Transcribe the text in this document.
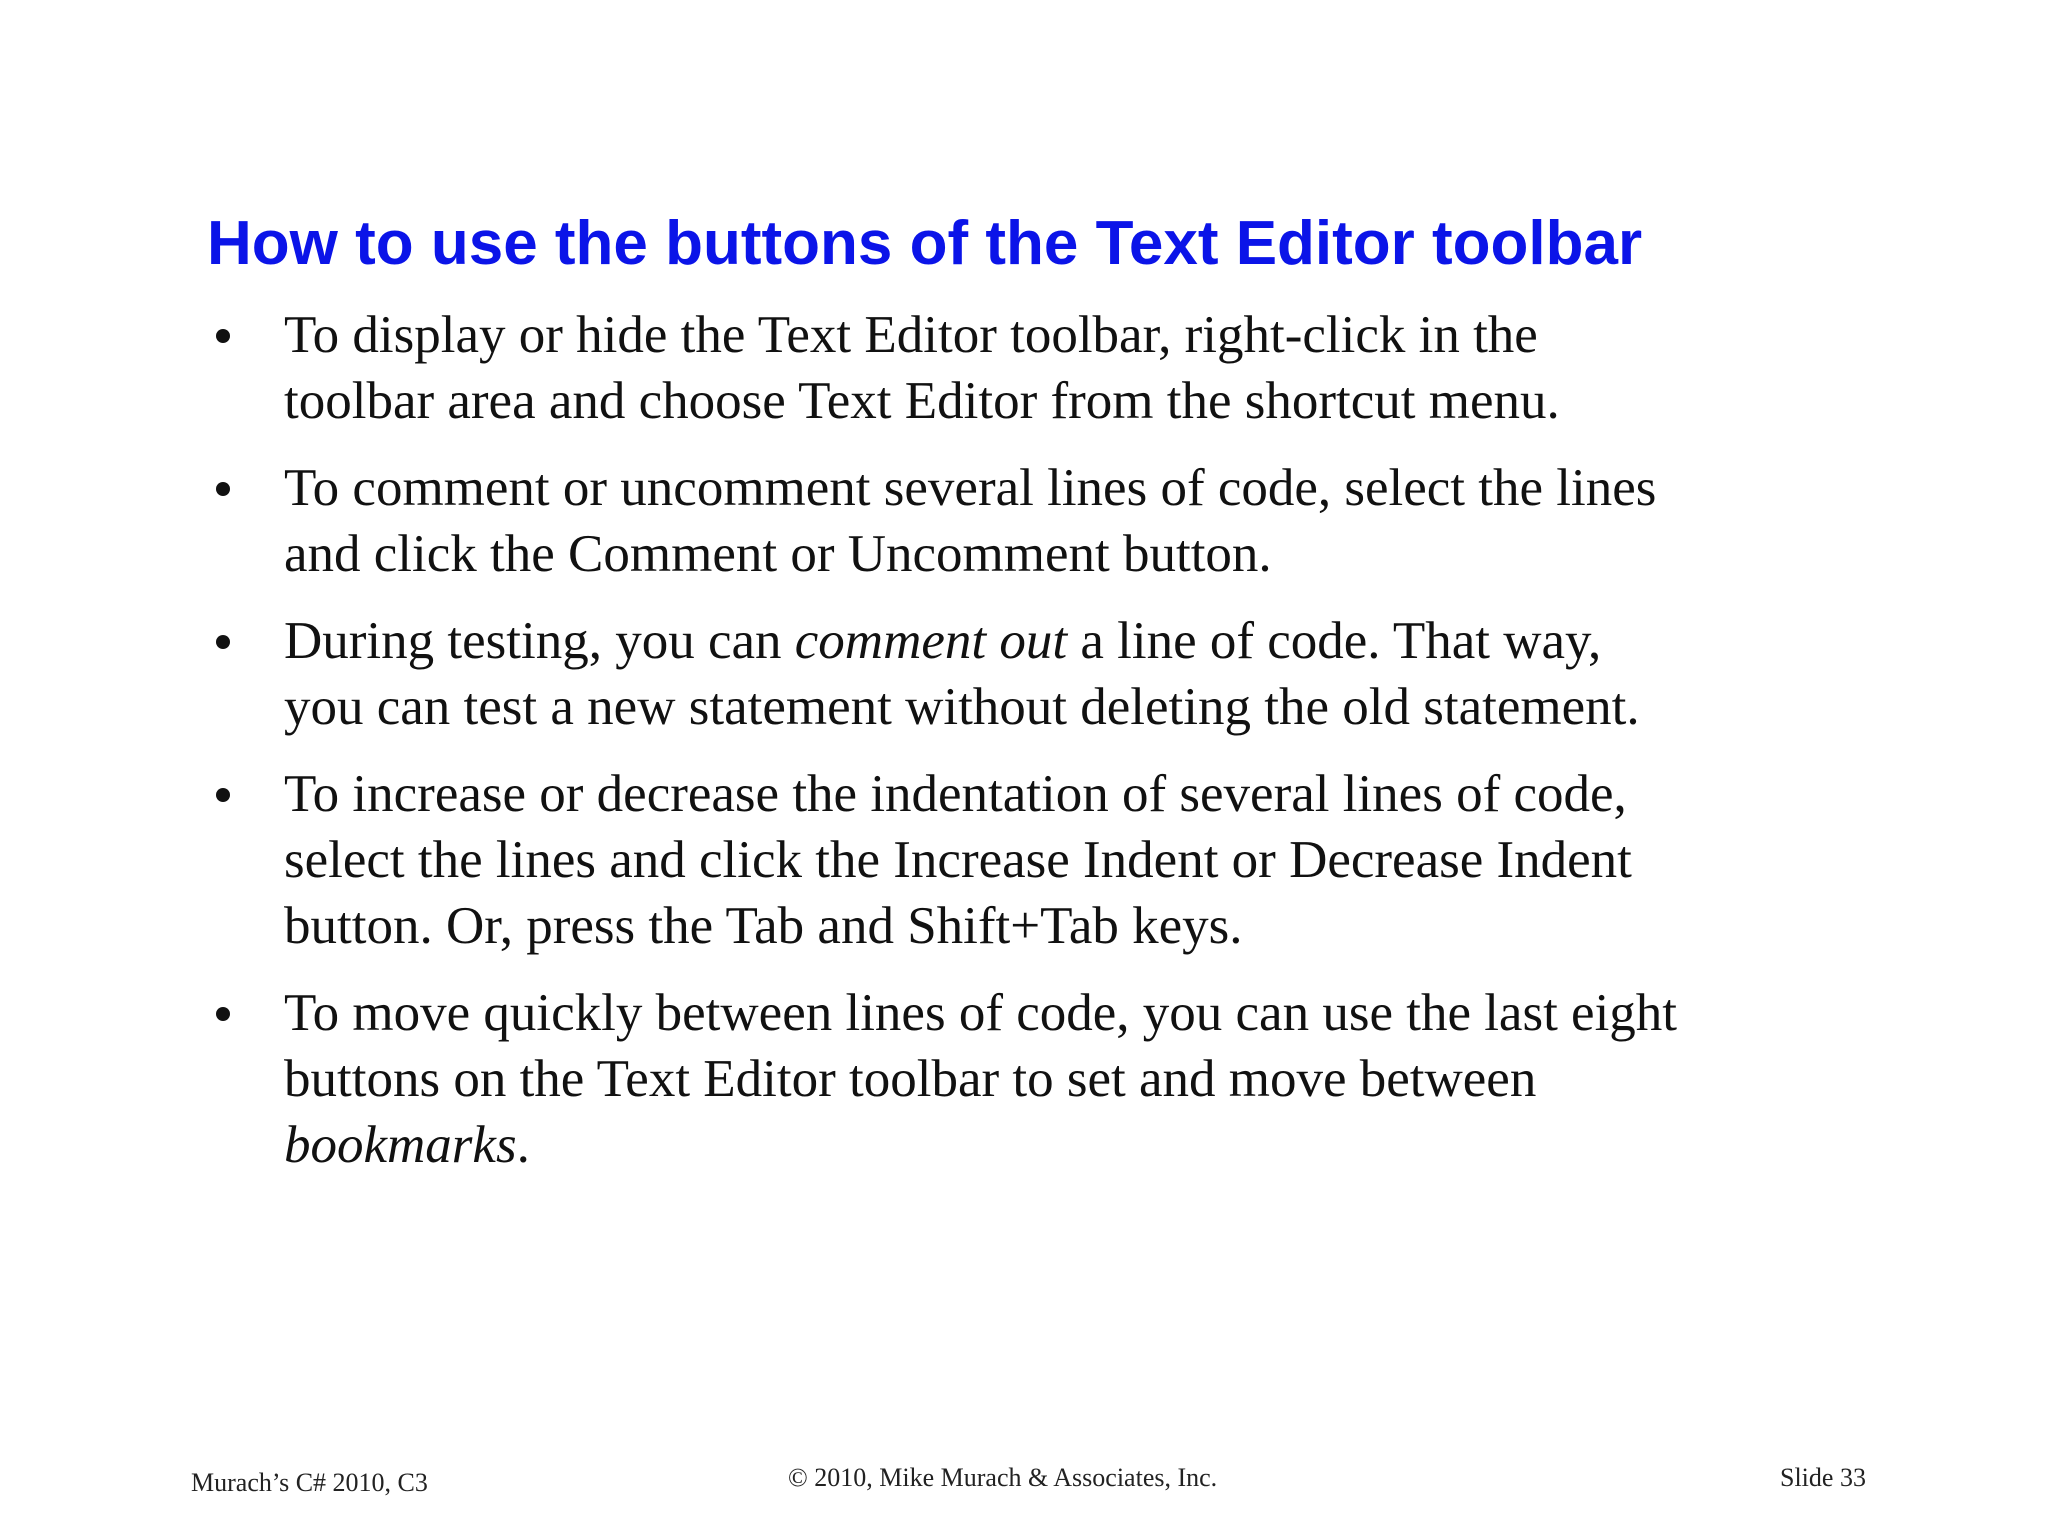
How to use the buttons of the Text Editor toolbar
To display or hide the Text Editor toolbar, right-click in the
toolbar area and choose Text Editor from the shortcut menu.
To comment or uncomment several lines of code, select the lines
and click the Comment or Uncomment button.
During testing, you can comment out a line of code. That way,
you can test a new statement without deleting the old statement.
To increase or decrease the indentation of several lines of code,
select the lines and click the Increase Indent or Decrease Indent
button. Or, press the Tab and Shift+Tab keys.
To move quickly between lines of code, you can use the last eight
buttons on the Text Editor toolbar to set and move between
bookmarks.
Murach’s C# 2010, C3	© 2010, Mike Murach & Associates, Inc.	Slide 33
